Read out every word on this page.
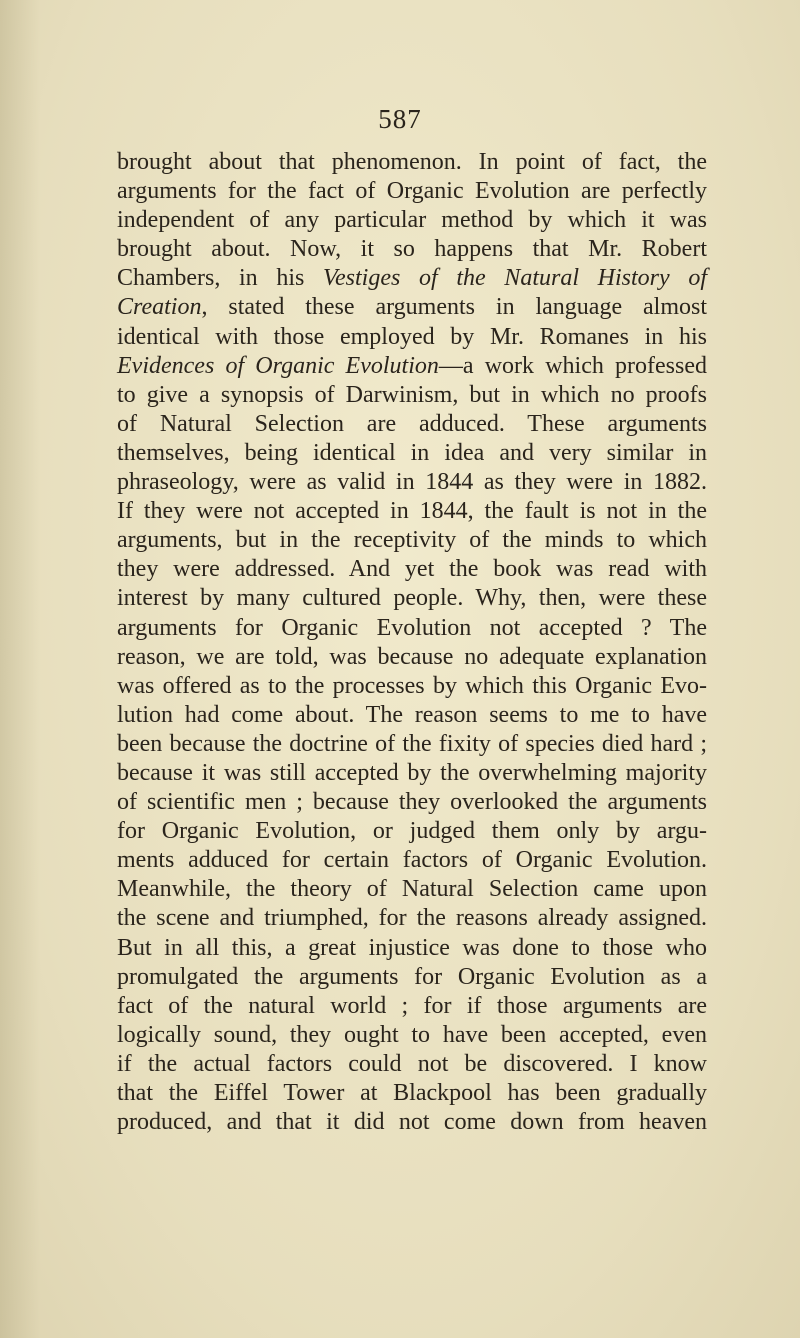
587
brought about that phenomenon. In point of fact, the
arguments for the fact of Organic Evolution are perfectly
independent of any particular method by which it was
brought about. Now, it so happens that Mr. Robert
Chambers, in his Vestiges of the Natural History of
Creation, stated these arguments in language almost
identical with those employed by Mr. Romanes in his
Evidences of Organic Evolution—a work which professed
to give a synopsis of Darwinism, but in which no proofs
of Natural Selection are adduced. These arguments
themselves, being identical in idea and very similar in
phraseology, were as valid in 1844 as they were in 1882.
If they were not accepted in 1844, the fault is not in the
arguments, but in the receptivity of the minds to which
they were addressed. And yet the book was read with
interest by many cultured people. Why, then, were these
arguments for Organic Evolution not accepted ? The
reason, we are told, was because no adequate explanation
was offered as to the processes by which this Organic Evo-
lution had come about. The reason seems to me to have
been because the doctrine of the fixity of species died hard ;
because it was still accepted by the overwhelming majority
of scientific men ; because they overlooked the arguments
for Organic Evolution, or judged them only by argu-
ments adduced for certain factors of Organic Evolution.
Meanwhile, the theory of Natural Selection came upon
the scene and triumphed, for the reasons already assigned.
But in all this, a great injustice was done to those who
promulgated the arguments for Organic Evolution as a
fact of the natural world ; for if those arguments are
logically sound, they ought to have been accepted, even
if the actual factors could not be discovered. I know
that the Eiffel Tower at Blackpool has been gradually
produced, and that it did not come down from heaven
